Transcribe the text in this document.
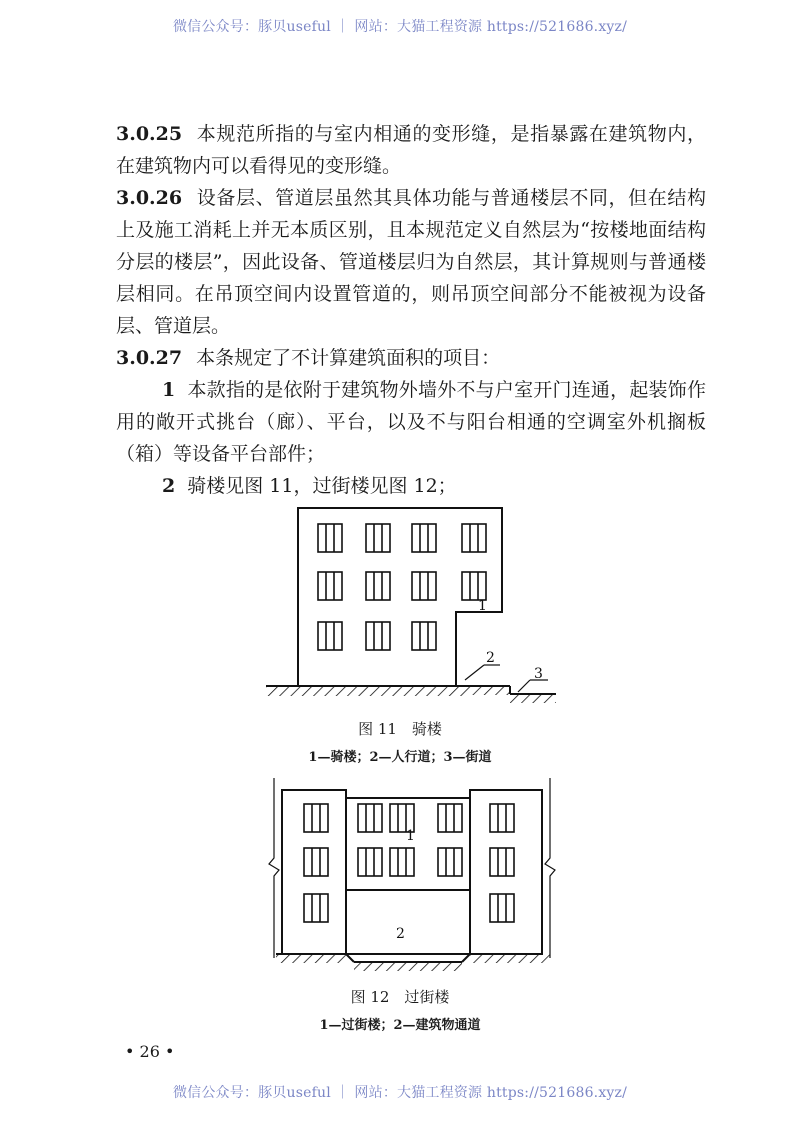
微信公众号：豚贝useful ｜ 网站：大猫工程资源 https://521686.xyz/

3.0.25 本规范所指的与室内相通的变形缝，是指暴露在建筑物内，在建筑物内可以看得见的变形缝。

3.0.26 设备层、管道层虽然其具体功能与普通楼层不同，但在结构上及施工消耗上并无本质区别，且本规范定义自然层为“按楼地面结构分层的楼层”，因此设备、管道楼层归为自然层，其计算规则与普通楼层相同。在吊顶空间内设置管道的，则吊顶空间部分不能被视为设备层、管道层。

3.0.27 本条规定了不计算建筑面积的项目：

1 本款指的是依附于建筑物外墙外不与户室开门连通，起装饰作用的敞开式挑台（廊）、平台，以及不与阳台相通的空调室外机搁板（箱）等设备平台部件；

2 骑楼见图 11，过街楼见图 12；

1
2
3
图 11　骑楼
1—骑楼；2—人行道；3—街道
1
2
图 12　过街楼
1—过街楼；2—建筑物通道
• 26 •
微信公众号：豚贝useful ｜ 网站：大猫工程资源 https://521686.xyz/
